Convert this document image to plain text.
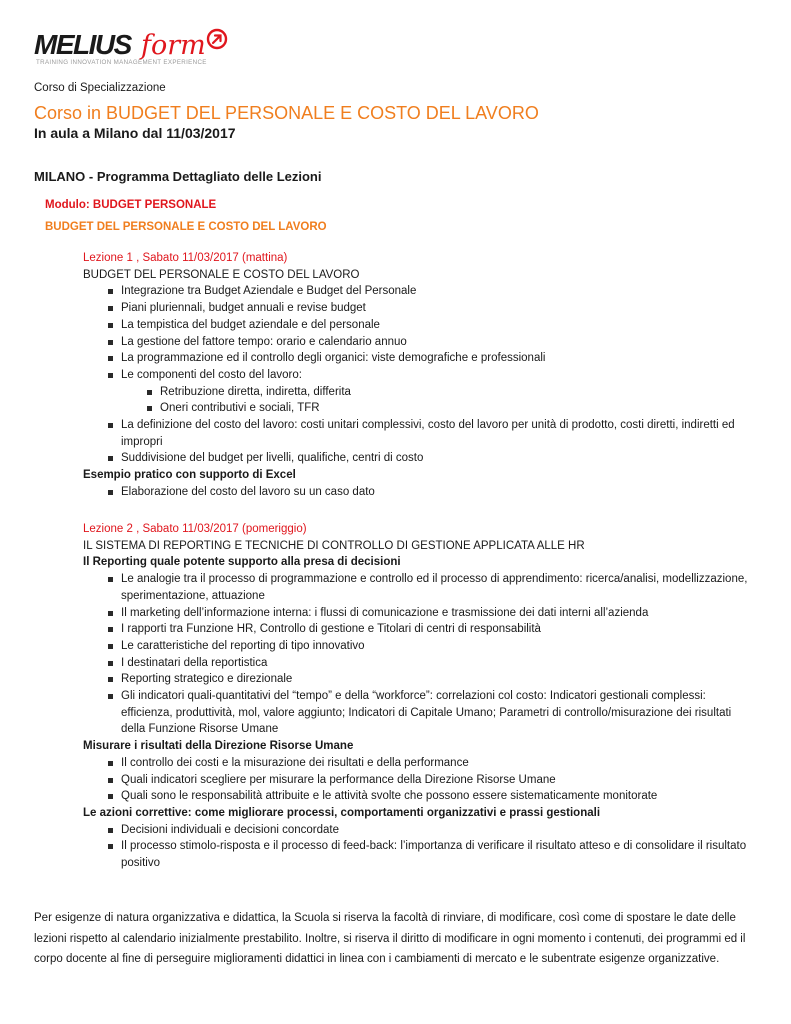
MELIUS form
TRAINING INNOVATION MANAGEMENT EXPERIENCE
Corso di Specializzazione
Corso in BUDGET DEL PERSONALE E COSTO DEL LAVORO
In aula a Milano dal 11/03/2017
MILANO - Programma Dettagliato delle Lezioni
Modulo: BUDGET PERSONALE
BUDGET DEL PERSONALE E COSTO DEL LAVORO
Lezione 1 , Sabato 11/03/2017 (mattina)
BUDGET DEL PERSONALE E COSTO DEL LAVORO
Integrazione tra Budget Aziendale e Budget del Personale
Piani pluriennali, budget annuali e revise budget
La tempistica del budget aziendale e del personale
La gestione del fattore tempo: orario e calendario annuo
La programmazione ed il controllo degli organici: viste demografiche e professionali
Le componenti del costo del lavoro:
Retribuzione diretta, indiretta, differita
Oneri contributivi e sociali, TFR
La definizione del costo del lavoro: costi unitari complessivi, costo del lavoro per unità di prodotto, costi diretti, indiretti ed impropri
Suddivisione del budget per livelli, qualifiche, centri di costo
Esempio pratico con supporto di Excel
Elaborazione del costo del lavoro su un caso dato
Lezione 2 , Sabato 11/03/2017 (pomeriggio)
IL SISTEMA DI REPORTING E TECNICHE DI CONTROLLO DI GESTIONE APPLICATA ALLE HR
Il Reporting quale potente supporto alla presa di decisioni
Le analogie tra il processo di programmazione e controllo ed il processo di apprendimento: ricerca/analisi, modellizzazione, sperimentazione, attuazione
Il marketing dell’informazione interna: i flussi di comunicazione e trasmissione dei dati interni all’azienda
I rapporti tra Funzione HR, Controllo di gestione e Titolari di centri di responsabilità
Le caratteristiche del reporting di tipo innovativo
I destinatari della reportistica
Reporting strategico e direzionale
Gli indicatori quali-quantitativi del “tempo” e della “workforce”: correlazioni col costo: Indicatori gestionali complessi: efficienza, produttività, mol, valore aggiunto; Indicatori di Capitale Umano; Parametri di controllo/misurazione dei risultati della Funzione Risorse Umane
Misurare i risultati della Direzione Risorse Umane
Il controllo dei costi e la misurazione dei risultati e della performance
Quali indicatori scegliere per misurare la performance della Direzione Risorse Umane
Quali sono le responsabilità attribuite e le attività svolte che possono essere sistematicamente monitorate
Le azioni correttive: come migliorare processi, comportamenti organizzativi e prassi gestionali
Decisioni individuali e decisioni concordate
Il processo stimolo-risposta e il processo di feed-back: l’importanza di verificare il risultato atteso e di consolidare il risultato positivo
Per esigenze di natura organizzativa e didattica, la Scuola si riserva la facoltà di rinviare, di modificare, così come di spostare le date delle lezioni rispetto al calendario inizialmente prestabilito. Inoltre, si riserva il diritto di modificare in ogni momento i contenuti, dei programmi ed il corpo docente al fine di perseguire miglioramenti didattici in linea con i cambiamenti di mercato e le subentrate esigenze organizzative.
